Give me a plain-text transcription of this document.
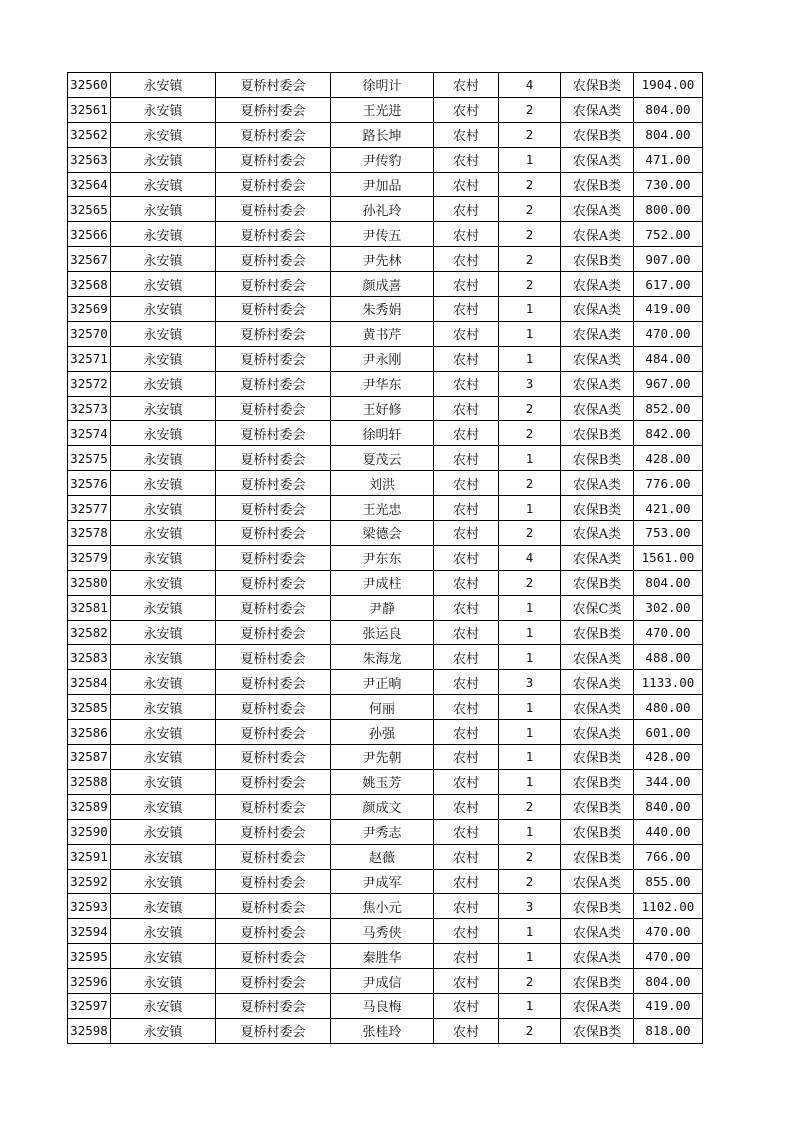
32560	永安镇	夏桥村委会	徐明计	农村	4	农保B类	1904.00
32561	永安镇	夏桥村委会	王光进	农村	2	农保A类	804.00
32562	永安镇	夏桥村委会	路长坤	农村	2	农保B类	804.00
32563	永安镇	夏桥村委会	尹传豹	农村	1	农保A类	471.00
32564	永安镇	夏桥村委会	尹加品	农村	2	农保B类	730.00
32565	永安镇	夏桥村委会	孙礼玲	农村	2	农保A类	800.00
32566	永安镇	夏桥村委会	尹传五	农村	2	农保A类	752.00
32567	永安镇	夏桥村委会	尹先林	农村	2	农保B类	907.00
32568	永安镇	夏桥村委会	颜成喜	农村	2	农保A类	617.00
32569	永安镇	夏桥村委会	朱秀娟	农村	1	农保A类	419.00
32570	永安镇	夏桥村委会	黄书芹	农村	1	农保A类	470.00
32571	永安镇	夏桥村委会	尹永刚	农村	1	农保A类	484.00
32572	永安镇	夏桥村委会	尹华东	农村	3	农保A类	967.00
32573	永安镇	夏桥村委会	王好修	农村	2	农保A类	852.00
32574	永安镇	夏桥村委会	徐明轩	农村	2	农保B类	842.00
32575	永安镇	夏桥村委会	夏茂云	农村	1	农保B类	428.00
32576	永安镇	夏桥村委会	刘洪	农村	2	农保A类	776.00
32577	永安镇	夏桥村委会	王光忠	农村	1	农保B类	421.00
32578	永安镇	夏桥村委会	梁德会	农村	2	农保A类	753.00
32579	永安镇	夏桥村委会	尹东东	农村	4	农保A类	1561.00
32580	永安镇	夏桥村委会	尹成柱	农村	2	农保B类	804.00
32581	永安镇	夏桥村委会	尹静	农村	1	农保C类	302.00
32582	永安镇	夏桥村委会	张运良	农村	1	农保B类	470.00
32583	永安镇	夏桥村委会	朱海龙	农村	1	农保A类	488.00
32584	永安镇	夏桥村委会	尹正晌	农村	3	农保A类	1133.00
32585	永安镇	夏桥村委会	何丽	农村	1	农保A类	480.00
32586	永安镇	夏桥村委会	孙强	农村	1	农保A类	601.00
32587	永安镇	夏桥村委会	尹先朝	农村	1	农保B类	428.00
32588	永安镇	夏桥村委会	姚玉芳	农村	1	农保B类	344.00
32589	永安镇	夏桥村委会	颜成文	农村	2	农保B类	840.00
32590	永安镇	夏桥村委会	尹秀志	农村	1	农保B类	440.00
32591	永安镇	夏桥村委会	赵薇	农村	2	农保B类	766.00
32592	永安镇	夏桥村委会	尹成军	农村	2	农保A类	855.00
32593	永安镇	夏桥村委会	焦小元	农村	3	农保B类	1102.00
32594	永安镇	夏桥村委会	马秀侠	农村	1	农保A类	470.00
32595	永安镇	夏桥村委会	秦胜华	农村	1	农保A类	470.00
32596	永安镇	夏桥村委会	尹成信	农村	2	农保B类	804.00
32597	永安镇	夏桥村委会	马良梅	农村	1	农保A类	419.00
32598	永安镇	夏桥村委会	张桂玲	农村	2	农保B类	818.00
